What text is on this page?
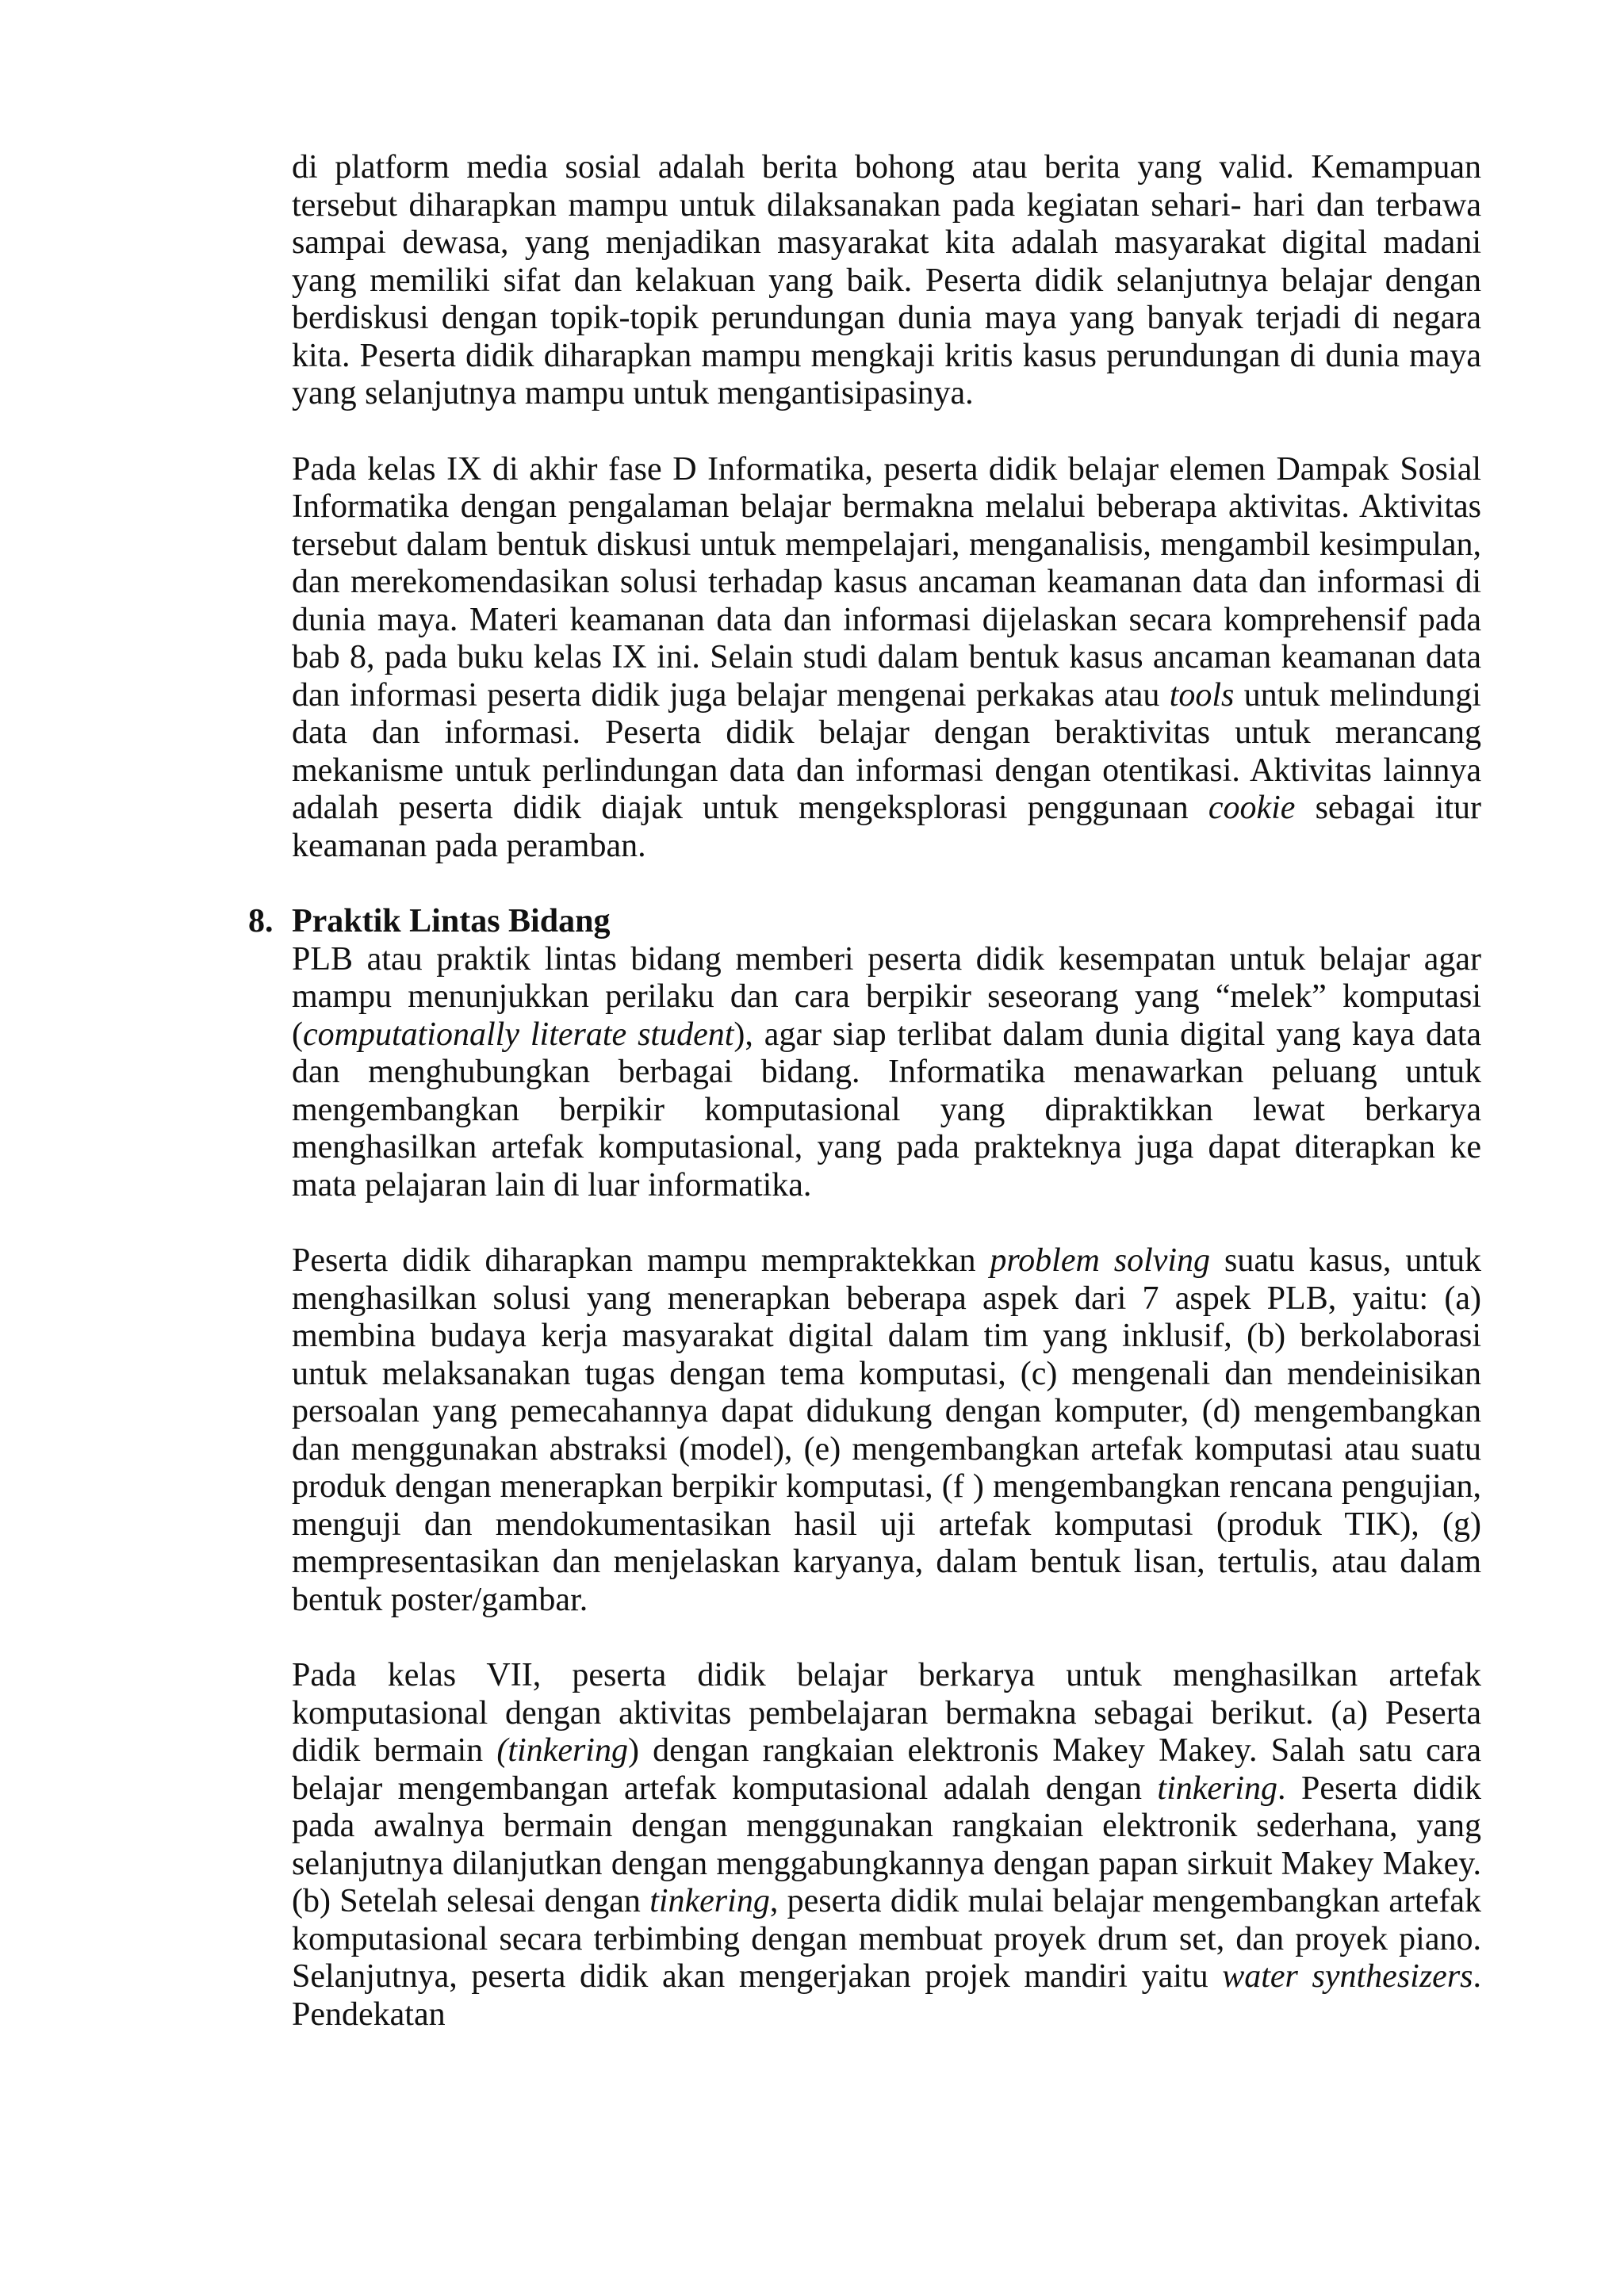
di platform media sosial adalah berita bohong atau berita yang valid. Kemampuan tersebut diharapkan mampu untuk dilaksanakan pada kegiatan sehari- hari dan terbawa sampai dewasa, yang menjadikan masyarakat kita adalah masyarakat digital madani yang memiliki sifat dan kelakuan yang baik. Peserta didik selanjutnya belajar dengan berdiskusi dengan topik-topik perundungan dunia maya yang banyak terjadi di negara kita. Peserta didik diharapkan mampu mengkaji kritis kasus perundungan di dunia maya yang selanjutnya mampu untuk mengantisipasinya.

Pada kelas IX di akhir fase D Informatika, peserta didik belajar elemen Dampak Sosial Informatika dengan pengalaman belajar bermakna melalui beberapa aktivitas. Aktivitas tersebut dalam bentuk diskusi untuk mempelajari, menganalisis, mengambil kesimpulan, dan merekomendasikan solusi terhadap kasus ancaman keamanan data dan informasi di dunia maya. Materi keamanan data dan informasi dijelaskan secara komprehensif pada bab 8, pada buku kelas IX ini. Selain studi dalam bentuk kasus ancaman keamanan data dan informasi peserta didik juga belajar mengenai perkakas atau tools untuk melindungi data dan informasi. Peserta didik belajar dengan beraktivitas untuk merancang mekanisme untuk perlindungan data dan informasi dengan otentikasi. Aktivitas lainnya adalah peserta didik diajak untuk mengeksplorasi penggunaan cookie sebagai itur keamanan pada peramban.

8. Praktik Lintas Bidang

PLB atau praktik lintas bidang memberi peserta didik kesempatan untuk belajar agar mampu menunjukkan perilaku dan cara berpikir seseorang yang “melek” komputasi (computationally literate student), agar siap terlibat dalam dunia digital yang kaya data dan menghubungkan berbagai bidang. Informatika menawarkan peluang untuk mengembangkan berpikir komputasional yang dipraktikkan lewat berkarya menghasilkan artefak komputasional, yang pada prakteknya juga dapat diterapkan ke mata pelajaran lain di luar informatika.

Peserta didik diharapkan mampu mempraktekkan problem solving suatu kasus, untuk menghasilkan solusi yang menerapkan beberapa aspek dari 7 aspek PLB, yaitu: (a) membina budaya kerja masyarakat digital dalam tim yang inklusif, (b) berkolaborasi untuk melaksanakan tugas dengan tema komputasi, (c) mengenali dan mendeinisikan persoalan yang pemecahannya dapat didukung dengan komputer, (d) mengembangkan dan menggunakan abstraksi (model), (e) mengembangkan artefak komputasi atau suatu produk dengan menerapkan berpikir komputasi, (f ) mengembangkan rencana pengujian, menguji dan mendokumentasikan hasil uji artefak komputasi (produk TIK), (g) mempresentasikan dan menjelaskan karyanya, dalam bentuk lisan, tertulis, atau dalam bentuk poster/gambar.

Pada kelas VII, peserta didik belajar berkarya untuk menghasilkan artefak komputasional dengan aktivitas pembelajaran bermakna sebagai berikut. (a) Peserta didik bermain (tinkering) dengan rangkaian elektronis Makey Makey. Salah satu cara belajar mengembangan artefak komputasional adalah dengan tinkering. Peserta didik pada awalnya bermain dengan menggunakan rangkaian elektronik sederhana, yang selanjutnya dilanjutkan dengan menggabungkannya dengan papan sirkuit Makey Makey. (b) Setelah selesai dengan tinkering, peserta didik mulai belajar mengembangkan artefak komputasional secara terbimbing dengan membuat proyek drum set, dan proyek piano. Selanjutnya, peserta didik akan mengerjakan projek mandiri yaitu water synthesizers. Pendekatan
